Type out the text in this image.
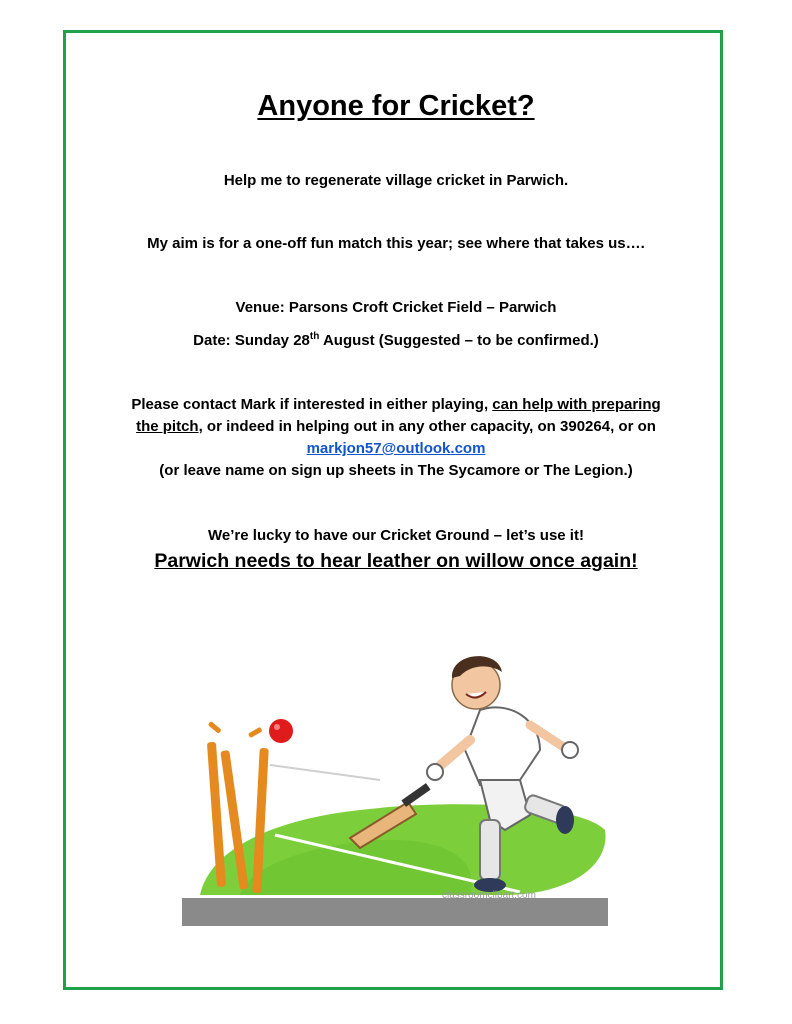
Anyone for Cricket?
Help me to regenerate village cricket in Parwich.
My aim is for a one-off fun match this year; see where that takes us….
Venue: Parsons Croft Cricket Field – Parwich
Date: Sunday 28th August (Suggested – to be confirmed.)
Please contact Mark if interested in either playing, can help with preparing
the pitch, or indeed in helping out in any other capacity, on 390264, or on
markjon57@outlook.com
(or leave name on sign up sheets in The Sycamore or The Legion.)
We’re lucky to have our Cricket Ground – let’s use it!
Parwich needs to hear leather on willow once again!
classroomclipart.com
